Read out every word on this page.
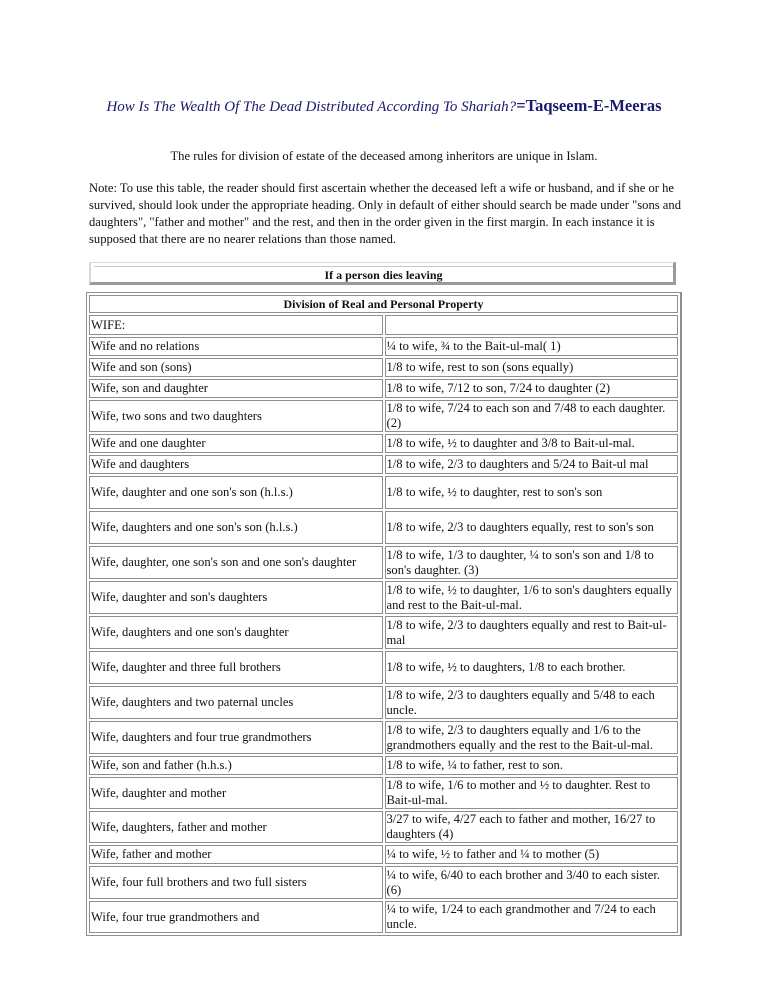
How Is The Wealth Of The Dead Distributed According To Shariah?=Taqseem-E-Meeras
The rules for division of estate of the deceased among inheritors are unique in Islam.
Note: To use this table, the reader should first ascertain whether the deceased left a wife or husband, and if she or he survived, should look under the appropriate heading. Only in default of either should search be made under "sons and daughters", "father and mother" and the rest, and then in the order given in the first margin. In each instance it is supposed that there are no nearer relations than those named.
If a person dies leaving
Division of Real and Personal Property	
WIFE:	
Wife and no relations	¼ to wife, ¾ to the Bait-ul-mal( 1)
Wife and son (sons)	1/8 to wife, rest to son (sons equally)
Wife, son and daughter	1/8 to wife, 7/12 to son, 7/24 to daughter (2)
Wife, two sons and two daughters	1/8 to wife, 7/24 to each son and 7/48 to each daughter. (2)
Wife and one daughter	1/8 to wife, ½ to daughter and 3/8 to Bait-ul-mal.
Wife and daughters	1/8 to wife, 2/3 to daughters and 5/24 to Bait-ul mal
Wife, daughter and one son's son (h.l.s.)	1/8 to wife, ½ to daughter, rest to son's son
Wife, daughters and one son's son (h.l.s.)	1/8 to wife, 2/3 to daughters equally, rest to son's son
Wife, daughter, one son's son and one son's daughter	1/8 to wife, 1/3 to daughter, ¼ to son's son and 1/8 to son's daughter. (3)
Wife, daughter and son's daughters	1/8 to wife, ½ to daughter, 1/6 to son's daughters equally and rest to the Bait-ul-mal.
Wife, daughters and one son's daughter	1/8 to wife, 2/3 to daughters equally and rest to Bait-ul-mal
Wife, daughter and three full brothers	1/8 to wife, ½ to daughters, 1/8 to each brother.
Wife, daughters and two paternal uncles	1/8 to wife, 2/3 to daughters equally and 5/48 to each uncle.
Wife, daughters and four true grandmothers	1/8 to wife, 2/3 to daughters equally and 1/6 to the grandmothers equally and the rest to the Bait-ul-mal.
Wife, son and father (h.h.s.)	1/8 to wife, ¼ to father, rest to son.
Wife, daughter and mother	1/8 to wife, 1/6 to mother and ½ to daughter. Rest to Bait-ul-mal.
Wife, daughters, father and mother	3/27 to wife, 4/27 each to father and mother, 16/27 to daughters (4)
Wife, father and mother	¼ to wife, ½ to father and ¼ to mother (5)
Wife, four full brothers and two full sisters	¼ to wife, 6/40 to each brother and 3/40 to each sister. (6)
Wife, four true grandmothers and	¼ to wife, 1/24 to each grandmother and 7/24 to each uncle.
